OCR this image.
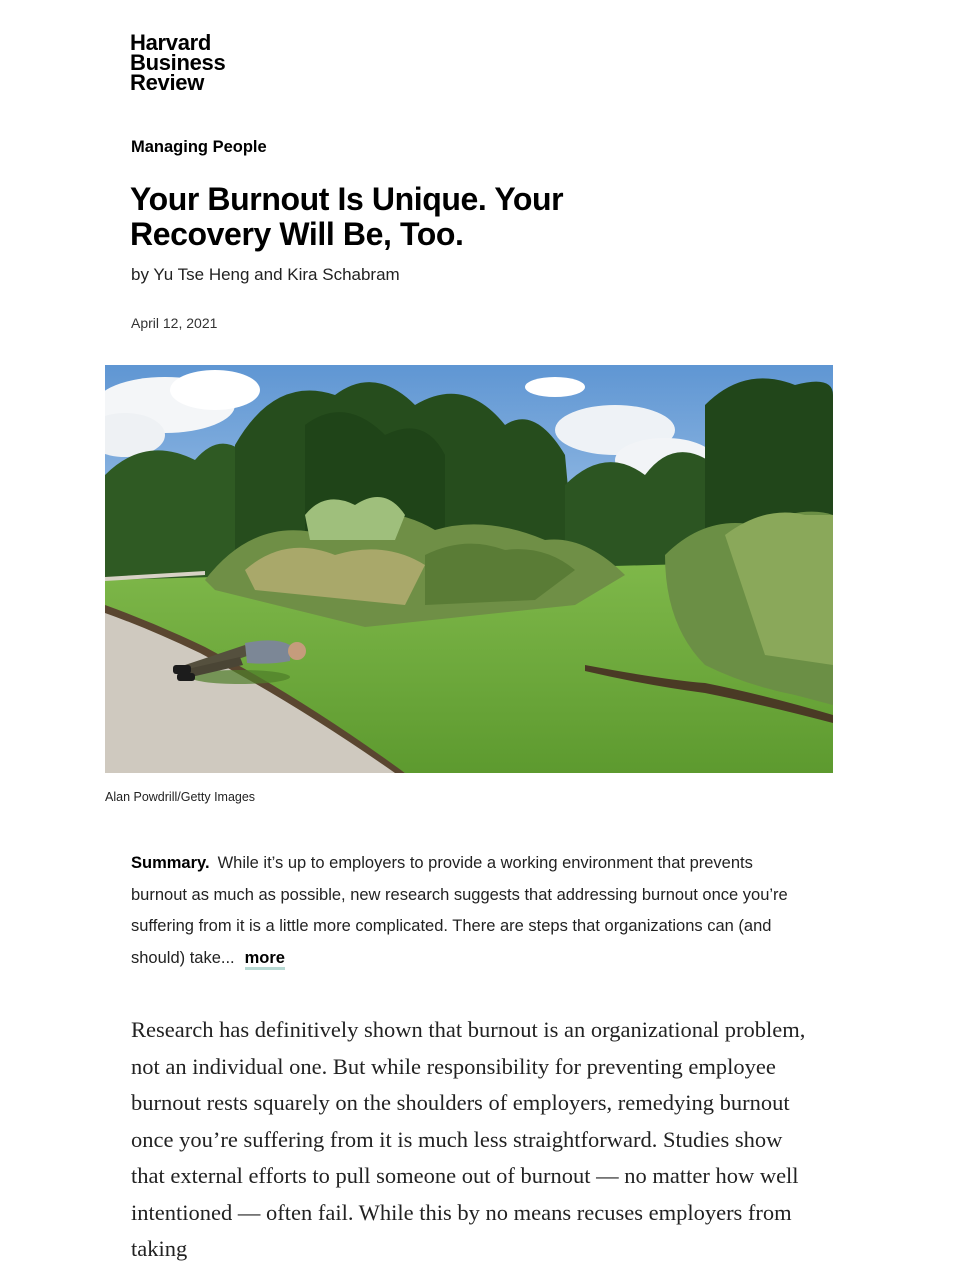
Harvard
Business
Review
Managing People
Your Burnout Is Unique. Your Recovery Will Be, Too.
by Yu Tse Heng and Kira Schabram
April 12, 2021
Alan Powdrill/Getty Images
Summary. While it’s up to employers to provide a working environment that prevents burnout as much as possible, new research suggests that addressing burnout once you’re suffering from it is a little more complicated. There are steps that organizations can (and should) take... more

Research has definitively shown that burnout is an organizational problem, not an individual one. But while responsibility for preventing employee burnout rests squarely on the shoulders of employers, remedying burnout once you’re suffering from it is much less straightforward. Studies show that external efforts to pull someone out of burnout — no matter how well intentioned — often fail. While this by no means recuses employers from taking
